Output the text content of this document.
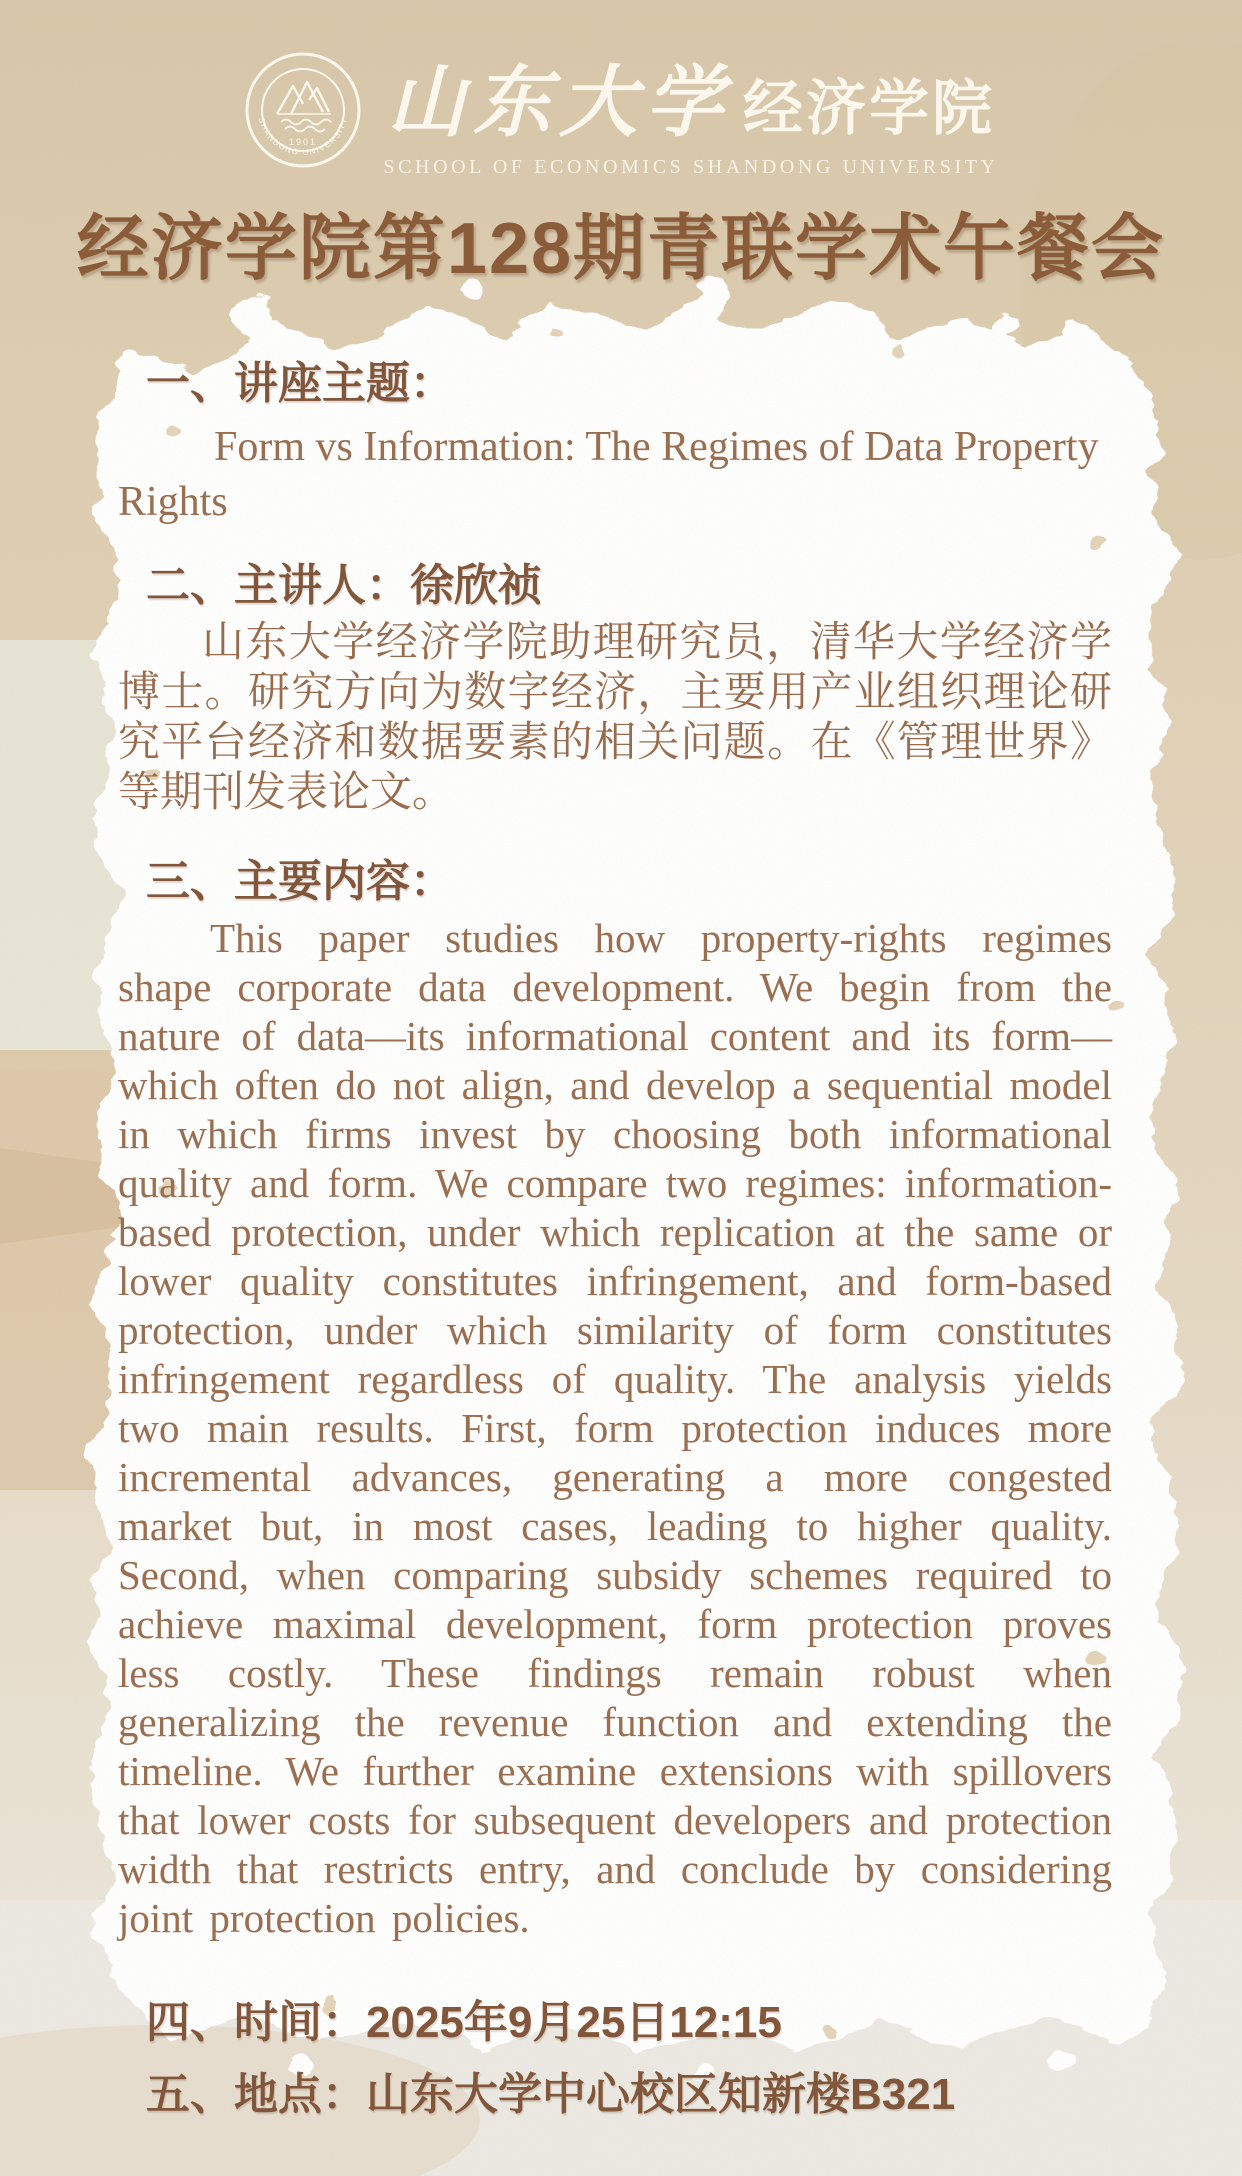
1901
SHANDONG UNIVERSITY 山东大学 经济学院
SCHOOL OF ECONOMICS SHANDONG UNIVERSITY
经济学院第128期青联学术午餐会
一、讲座主题：

Form vs Information: The Regimes of Data Property Rights

二、主讲人：徐欣祯

山东大学经济学院助理研究员，清华大学经济学博士。研究方向为数字经济，主要用产业组织理论研究平台经济和数据要素的相关问题。在《管理世界》等期刊发表论文。

三、主要内容：

This paper studies how property-rights regimes shape corporate data development. We begin from the nature of data—its informational content and its form—which often do not align, and develop a sequential model in which firms invest by choosing both informational quality and form. We compare two regimes: information-based protection, under which replication at the same or lower quality constitutes infringement, and form-based protection, under which similarity of form constitutes infringement regardless of quality. The analysis yields two main results. First, form protection induces more incremental advances, generating a more congested market but, in most cases, leading to higher quality. Second, when comparing subsidy schemes required to achieve maximal development, form protection proves less costly. These findings remain robust when generalizing the revenue function and extending the timeline. We further examine extensions with spillovers that lower costs for subsequent developers and protection width that restricts entry, and conclude by considering joint protection policies.

四、时间：2025年9月25日12:15
五、地点：山东大学中心校区知新楼B321
